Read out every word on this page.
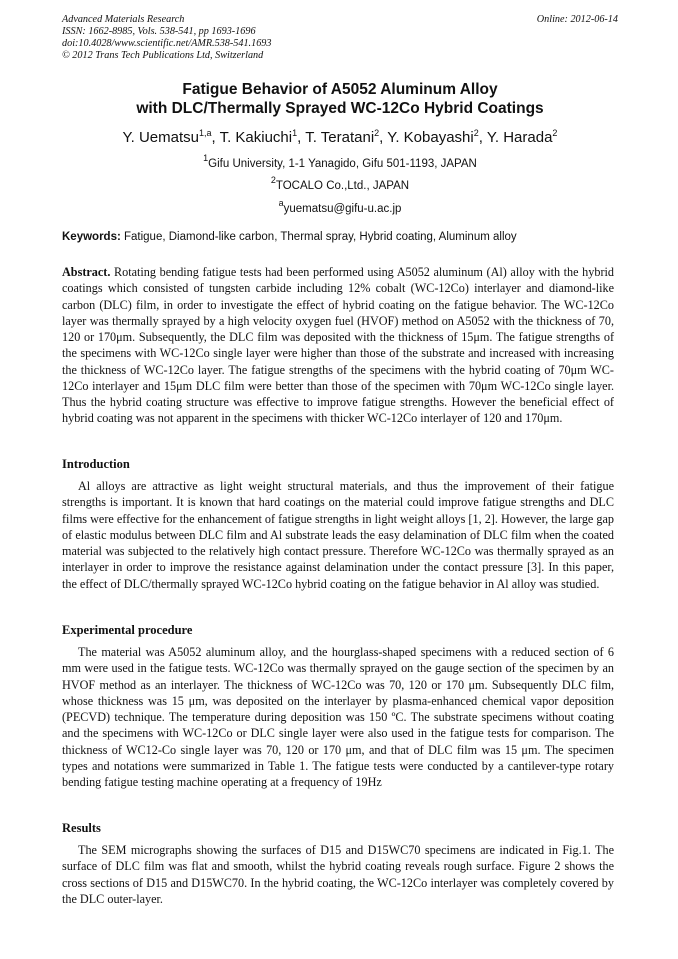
Advanced Materials Research
ISSN: 1662-8985, Vols. 538-541, pp 1693-1696
doi:10.4028/www.scientific.net/AMR.538-541.1693
© 2012 Trans Tech Publications Ltd, Switzerland
Online: 2012-06-14
Fatigue Behavior of A5052 Aluminum Alloy
with DLC/Thermally Sprayed WC-12Co Hybrid Coatings
Y. Uematsu$^{1,a}$, T. Kakiuchi$^1$, T. Teratani$^2$, Y. Kobayashi$^2$, Y. Harada$^2$
$^1$Gifu University, 1-1 Yanagido, Gifu 501-1193, JAPAN
$^2$TOCALO Co.,Ltd., JAPAN
$^a$yuematsu@gifu-u.ac.jp
Keywords: Fatigue, Diamond-like carbon, Thermal spray, Hybrid coating, Aluminum alloy

Abstract. Rotating bending fatigue tests had been performed using A5052 aluminum (Al) alloy with the hybrid coatings which consisted of tungsten carbide including 12% cobalt (WC-12Co) interlayer and diamond-like carbon (DLC) film, in order to investigate the effect of hybrid coating on the fatigue behavior. The WC-12Co layer was thermally sprayed by a high velocity oxygen fuel (HVOF) method on A5052 with the thickness of 70, 120 or 170μm. Subsequently, the DLC film was deposited with the thickness of 15μm. The fatigue strengths of the specimens with WC-12Co single layer were higher than those of the substrate and increased with increasing the thickness of WC-12Co layer. The fatigue strengths of the specimens with the hybrid coating of 70μm WC-12Co interlayer and 15μm DLC film were better than those of the specimen with 70μm WC-12Co single layer. Thus the hybrid coating structure was effective to improve fatigue strengths. However the beneficial effect of hybrid coating was not apparent in the specimens with thicker WC-12Co interlayer of 120 and 170μm.

Introduction

Al alloys are attractive as light weight structural materials, and thus the improvement of their fatigue strengths is important. It is known that hard coatings on the material could improve fatigue strengths and DLC films were effective for the enhancement of fatigue strengths in light weight alloys [1, 2]. However, the large gap of elastic modulus between DLC film and Al substrate leads the easy delamination of DLC film when the coated material was subjected to the relatively high contact pressure. Therefore WC-12Co was thermally sprayed as an interlayer in order to improve the resistance against delamination under the contact pressure [3]. In this paper, the effect of DLC/thermally sprayed WC-12Co hybrid coating on the fatigue behavior in Al alloy was studied.

Experimental procedure

The material was A5052 aluminum alloy, and the hourglass-shaped specimens with a reduced section of 6 mm were used in the fatigue tests. WC-12Co was thermally sprayed on the gauge section of the specimen by an HVOF method as an interlayer. The thickness of WC-12Co was 70, 120 or 170 μm. Subsequently DLC film, whose thickness was 15 μm, was deposited on the interlayer by plasma-enhanced chemical vapor deposition (PECVD) technique. The temperature during deposition was 150 ºC. The substrate specimens without coating and the specimens with WC-12Co or DLC single layer were also used in the fatigue tests for comparison. The thickness of WC12-Co single layer was 70, 120 or 170 μm, and that of DLC film was 15 μm. The specimen types and notations were summarized in Table 1. The fatigue tests were conducted by a cantilever-type rotary bending fatigue testing machine operating at a frequency of 19Hz

Results

The SEM micrographs showing the surfaces of D15 and D15WC70 specimens are indicated in Fig.1. The surface of DLC film was flat and smooth, whilst the hybrid coating reveals rough surface. Figure 2 shows the cross sections of D15 and D15WC70. In the hybrid coating, the WC-12Co interlayer was completely covered by the DLC outer-layer.
